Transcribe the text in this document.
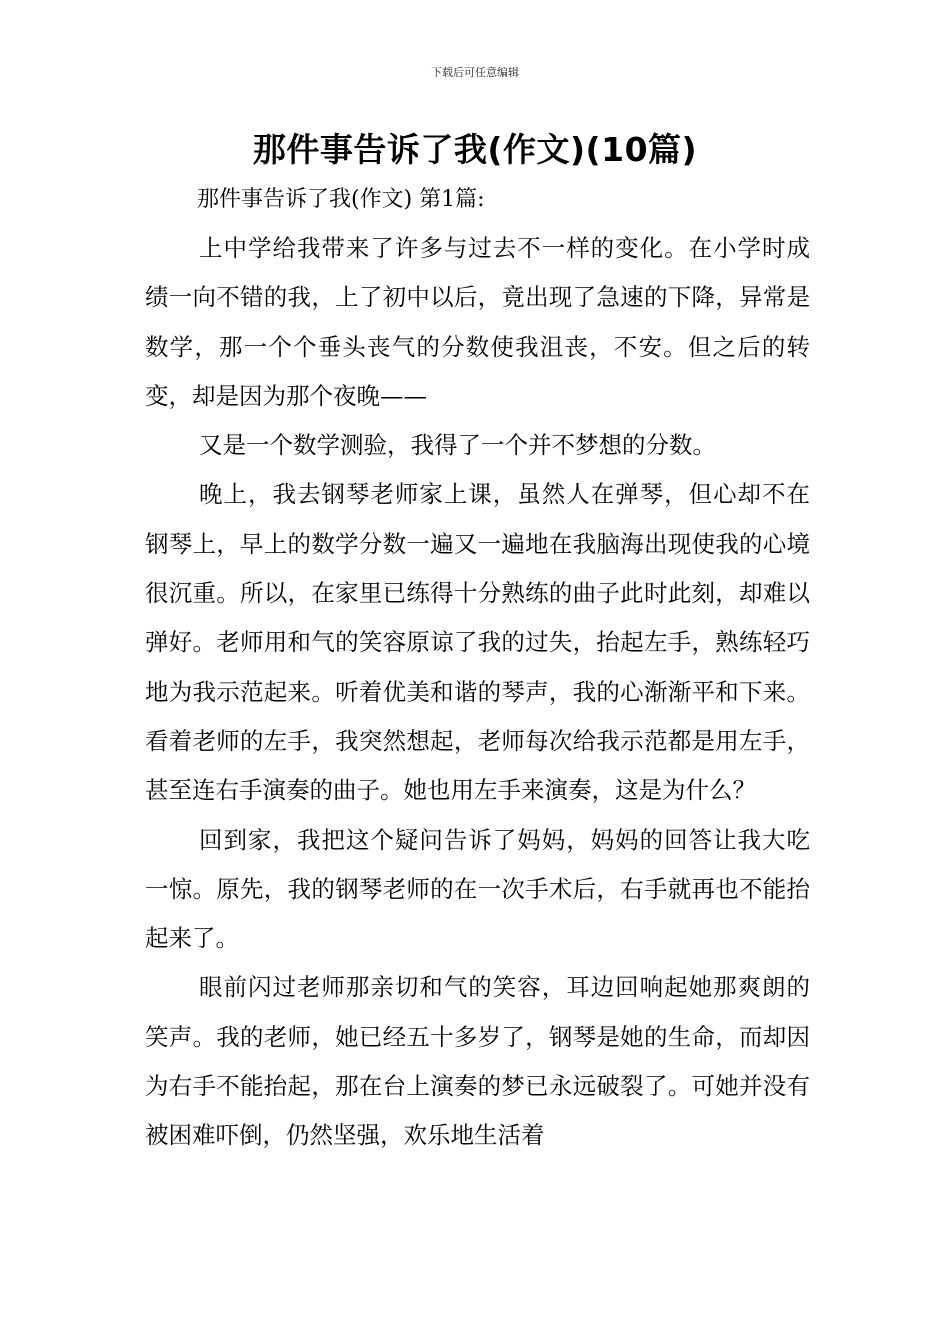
下载后可任意编辑
那件事告诉了我(作文)(10篇)
那件事告诉了我(作文) 第1篇:

上中学给我带来了许多与过去不一样的变化。在小学时成绩一向不错的我，上了初中以后，竟出现了急速的下降，异常是数学，那一个个垂头丧气的分数使我沮丧，不安。但之后的转变，却是因为那个夜晚——

又是一个数学测验，我得了一个并不梦想的分数。

晚上，我去钢琴老师家上课，虽然人在弹琴，但心却不在钢琴上，早上的数学分数一遍又一遍地在我脑海出现使我的心境很沉重。所以，在家里已练得十分熟练的曲子此时此刻，却难以弹好。老师用和气的笑容原谅了我的过失，抬起左手，熟练轻巧地为我示范起来。听着优美和谐的琴声，我的心渐渐平和下来。看着老师的左手，我突然想起，老师每次给我示范都是用左手，甚至连右手演奏的曲子。她也用左手来演奏，这是为什么？

回到家，我把这个疑问告诉了妈妈，妈妈的回答让我大吃一惊。原先，我的钢琴老师的在一次手术后，右手就再也不能抬起来了。

眼前闪过老师那亲切和气的笑容，耳边回响起她那爽朗的笑声。我的老师，她已经五十多岁了，钢琴是她的生命，而却因为右手不能抬起，那在台上演奏的梦已永远破裂了。可她并没有被困难吓倒，仍然坚强，欢乐地生活着
